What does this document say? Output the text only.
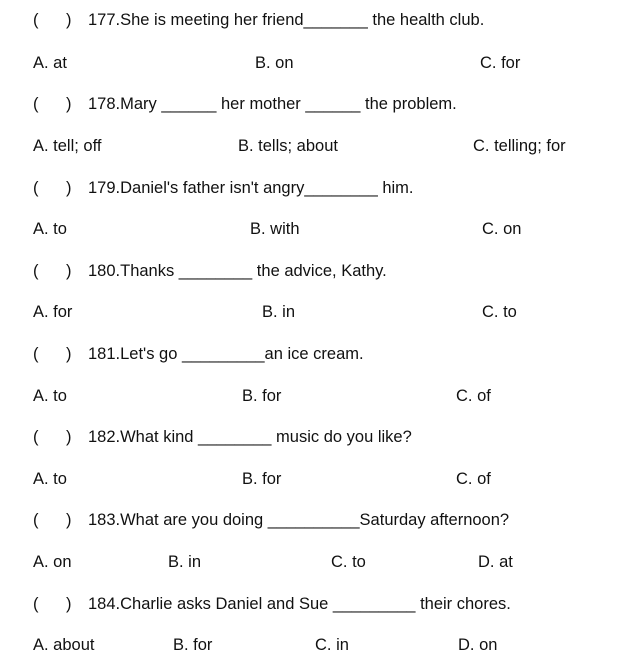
(      ) 177.She is meeting her friend_______ the health club.
A. at	B. on	C. for
(      ) 178.Mary ______ her mother ______ the problem.
A. tell; off	B. tells; about	C. telling; for
(      ) 179.Daniel's father isn't angry________ him.
A. to	B. with	C. on
(      ) 180.Thanks ________ the advice, Kathy.
A. for	B. in	C. to
(      ) 181.Let's go _________an ice cream.
A. to	B. for	C. of
(      ) 182.What kind ________ music do you like?
A. to	B. for	C. of
(      ) 183.What are you doing __________Saturday afternoon?
A. on	B. in	C. to	D. at
(      ) 184.Charlie asks Daniel and Sue _________ their chores.
A. about	B. for	C. in	D. on
